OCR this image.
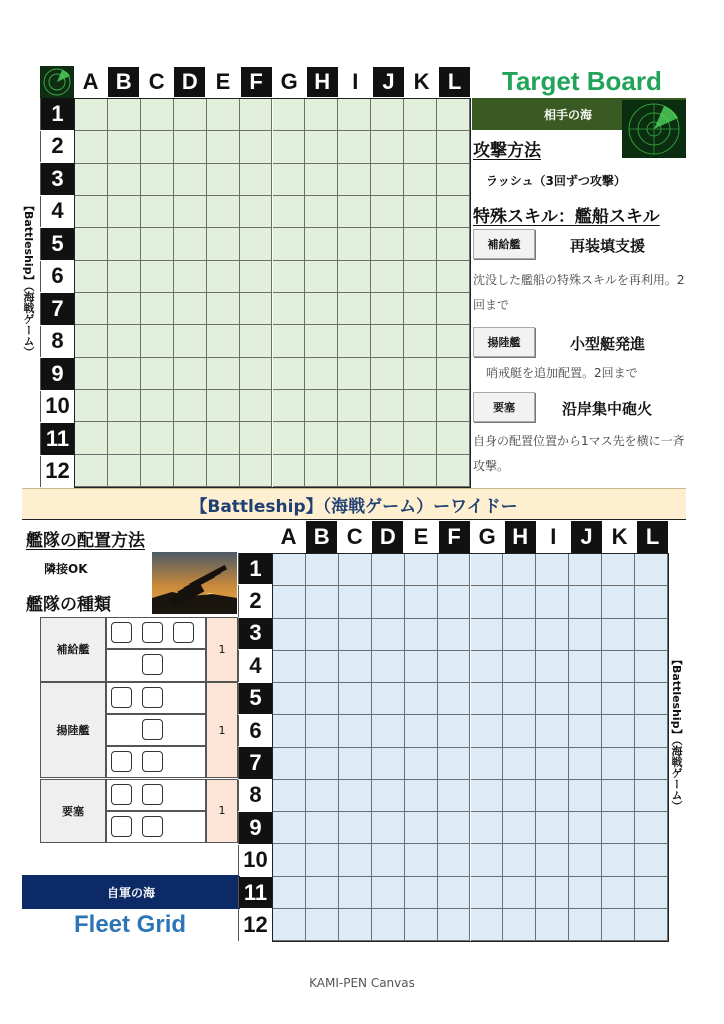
A B C D E F G H	I	J K L
1
2
3
4
5
6
7
8
9
10
11
12
【Battleship】（海戦ゲーム）
Target Board
相手の海
攻撃方法
ラッシュ（3回ずつ攻撃）
特殊スキル：艦船スキル
補給艦	再装填支援
沈没した艦船の特殊スキルを再利用。2回まで
揚陸艦	小型艇発進
哨戒艇を追加配置。2回まで
要塞	沿岸集中砲火
自身の配置位置から1マス先を横に一斉攻撃。
【Battleship】（海戦ゲーム）ーワイドー
艦隊の配置方法
隣接OK
艦隊の種類
補給艦	1
揚陸艦	1
要塞	1
自軍の海
Fleet Grid
A B C D E F G H	I	J K L
1
2
3
4
5
6
7
8
9
10
11
12
【Battleship】（海戦ゲーム）
KAMI-PEN Canvas
